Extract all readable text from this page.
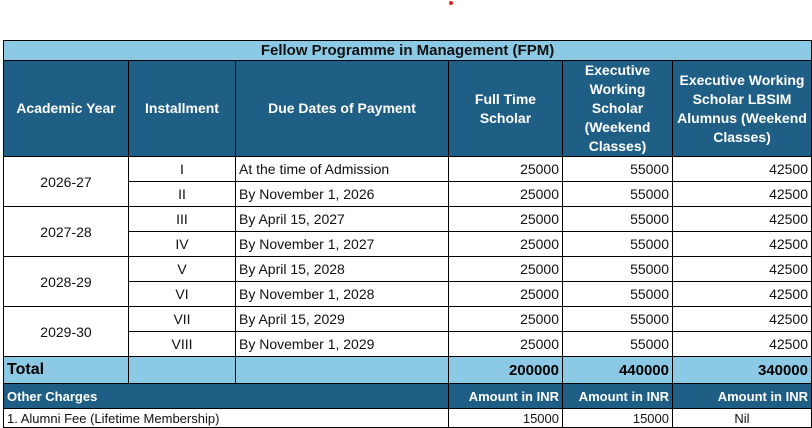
Fellow Programme in Management (FPM)					
Academic Year	Installment	Due Dates of Payment	Full Time Scholar	Executive Working Scholar (Weekend Classes)	Executive Working Scholar LBSIM Alumnus (Weekend Classes)
2026-27	I	At the time of Admission	25000	55000	42500
	II	By November 1, 2026	25000	55000	42500
2027-28	III	By April 15, 2027	25000	55000	42500
	IV	By November 1, 2027	25000	55000	42500
2028-29	V	By April 15, 2028	25000	55000	42500
	VI	By November 1, 2028	25000	55000	42500
2029-30	VII	By April 15, 2029	25000	55000	42500
	VIII	By November 1, 2029	25000	55000	42500
Total			200000	440000	340000
Other Charges			Amount in INR	Amount in INR	Amount in INR
1. Alumni Fee (Lifetime Membership)			15000	15000	Nil
